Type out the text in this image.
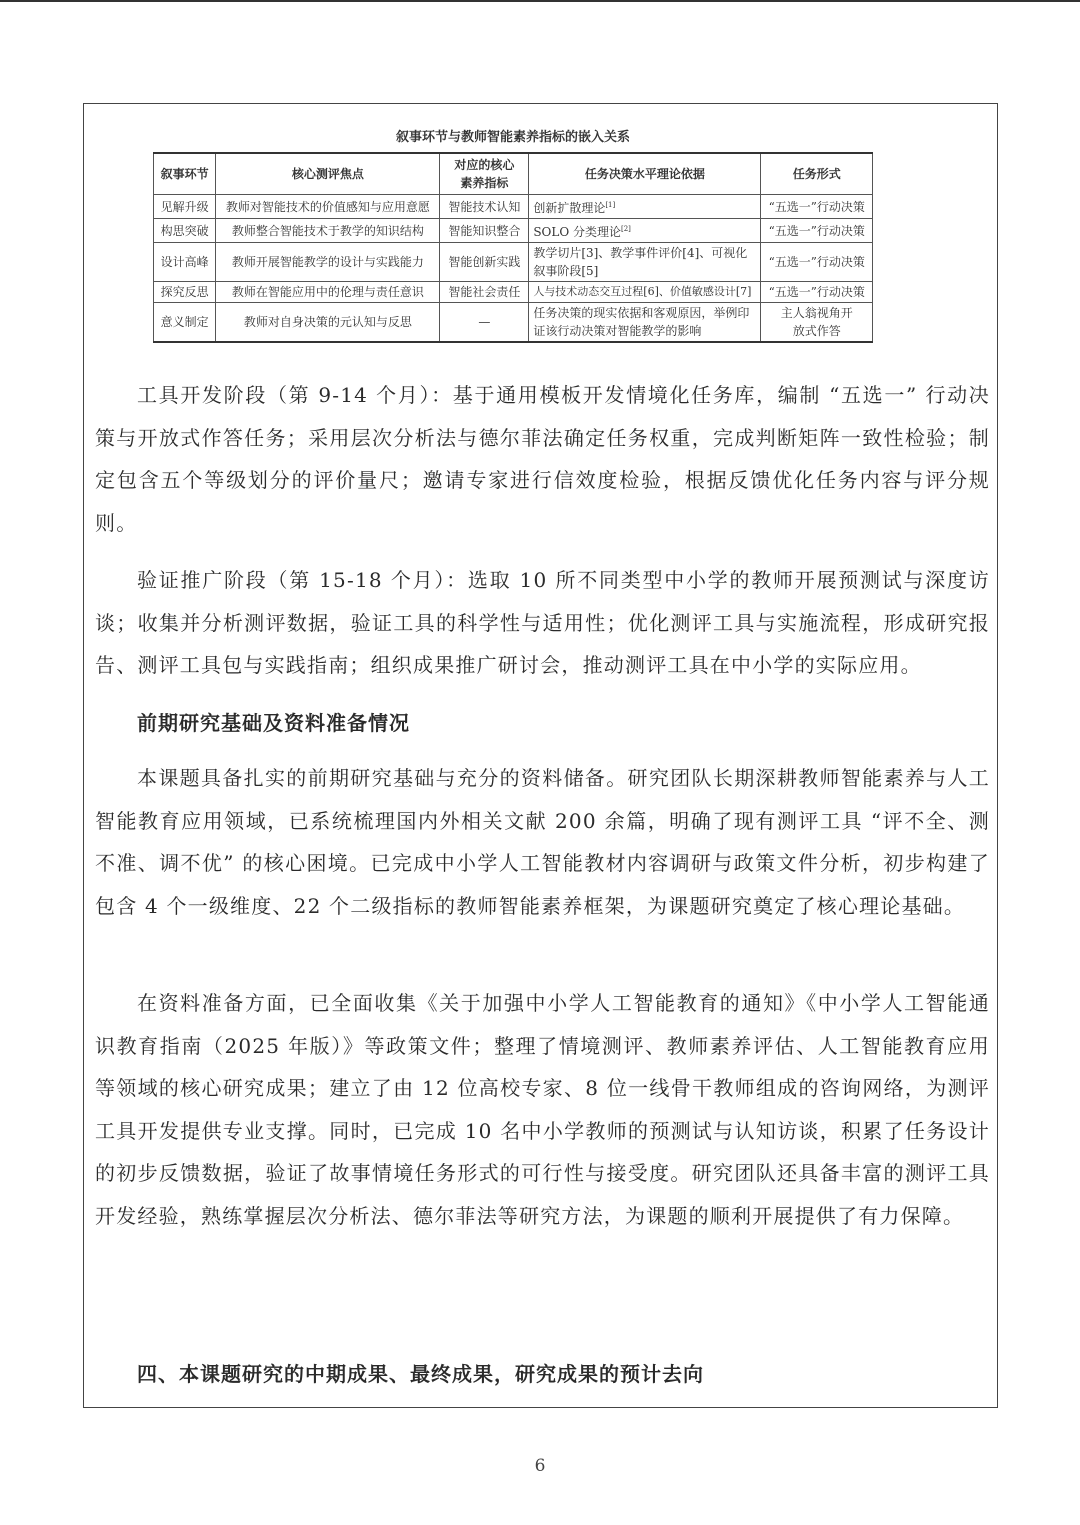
叙事环节与教师智能素养指标的嵌入关系
叙事环节	核心测评焦点	对应的核心素养指标	任务决策水平理论依据	任务形式
见解升级	教师对智能技术的价值感知与应用意愿	智能技术认知	创新扩散理论[1]	“五选一”行动决策
构思突破	教师整合智能技术于教学的知识结构	智能知识整合	SOLO 分类理论[2]	“五选一”行动决策
设计高峰	教师开展智能教学的设计与实践能力	智能创新实践	教学切片[3]、教学事件评价[4]、可视化叙事阶段[5]	“五选一”行动决策
探究反思	教师在智能应用中的伦理与责任意识	智能社会责任	人与技术动态交互过程[6]、价值敏感设计[7]	“五选一”行动决策
意义制定	教师对自身决策的元认知与反思	—	任务决策的现实依据和客观原因，举例印证该行动决策对智能教学的影响	主人翁视角开放式作答

工具开发阶段（第 9-14 个月）：基于通用模板开发情境化任务库，编制 “五选一” 行动决策与开放式作答任务；采用层次分析法与德尔菲法确定任务权重，完成判断矩阵一致性检验；制定包含五个等级划分的评价量尺；邀请专家进行信效度检验，根据反馈优化任务内容与评分规则。

验证推广阶段（第 15-18 个月）：选取 10 所不同类型中小学的教师开展预测试与深度访谈；收集并分析测评数据，验证工具的科学性与适用性；优化测评工具与实施流程，形成研究报告、测评工具包与实践指南；组织成果推广研讨会，推动测评工具在中小学的实际应用。

前期研究基础及资料准备情况

本课题具备扎实的前期研究基础与充分的资料储备。研究团队长期深耕教师智能素养与人工智能教育应用领域，已系统梳理国内外相关文献 200 余篇，明确了现有测评工具 “评不全、测不准、调不优” 的核心困境。已完成中小学人工智能教材内容调研与政策文件分析，初步构建了包含 4 个一级维度、22 个二级指标的教师智能素养框架，为课题研究奠定了核心理论基础。

在资料准备方面，已全面收集《关于加强中小学人工智能教育的通知》《中小学人工智能通识教育指南（2025 年版）》等政策文件；整理了情境测评、教师素养评估、人工智能教育应用等领域的核心研究成果；建立了由 12 位高校专家、8 位一线骨干教师组成的咨询网络，为测评工具开发提供专业支撑。同时，已完成 10 名中小学教师的预测试与认知访谈，积累了任务设计的初步反馈数据，验证了故事情境任务形式的可行性与接受度。研究团队还具备丰富的测评工具开发经验，熟练掌握层次分析法、德尔菲法等研究方法，为课题的顺利开展提供了有力保障。

四、本课题研究的中期成果、最终成果，研究成果的预计去向

6
